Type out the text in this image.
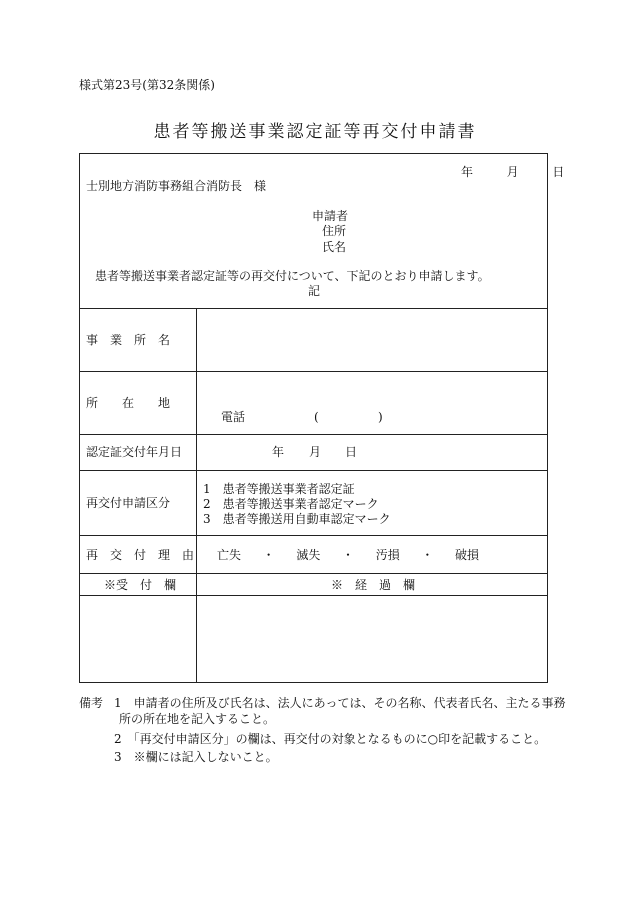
様式第23号(第32条関係)
患者等搬送事業認定証等再交付申請書
年	月	日
士別地方消防事務組合消防長　様
申請者
住所
氏名
患者等搬送事業者認定証等の再交付について、下記のとおり申請します。
記
事　業　所　名
所　　在　　地
電話	(	)
認定証交付年月日	年 月 日
再交付申請区分
1　患者等搬送事業者認定証
2　患者等搬送事業者認定マーク
3　患者等搬送用自動車認定マーク
再　交　付　理　由 亡失 ・ 滅失 ・ 汚損 ・ 破損
※受　付　欄	※　経　過　欄
備考 1　申請者の住所及び氏名は、法人にあっては、その名称、代表者氏名、主たる事務
所の所在地を記入すること。
2　「再交付申請区分」の欄は、再交付の対象となるものに○印を記載すること。
3　※欄には記入しないこと。
